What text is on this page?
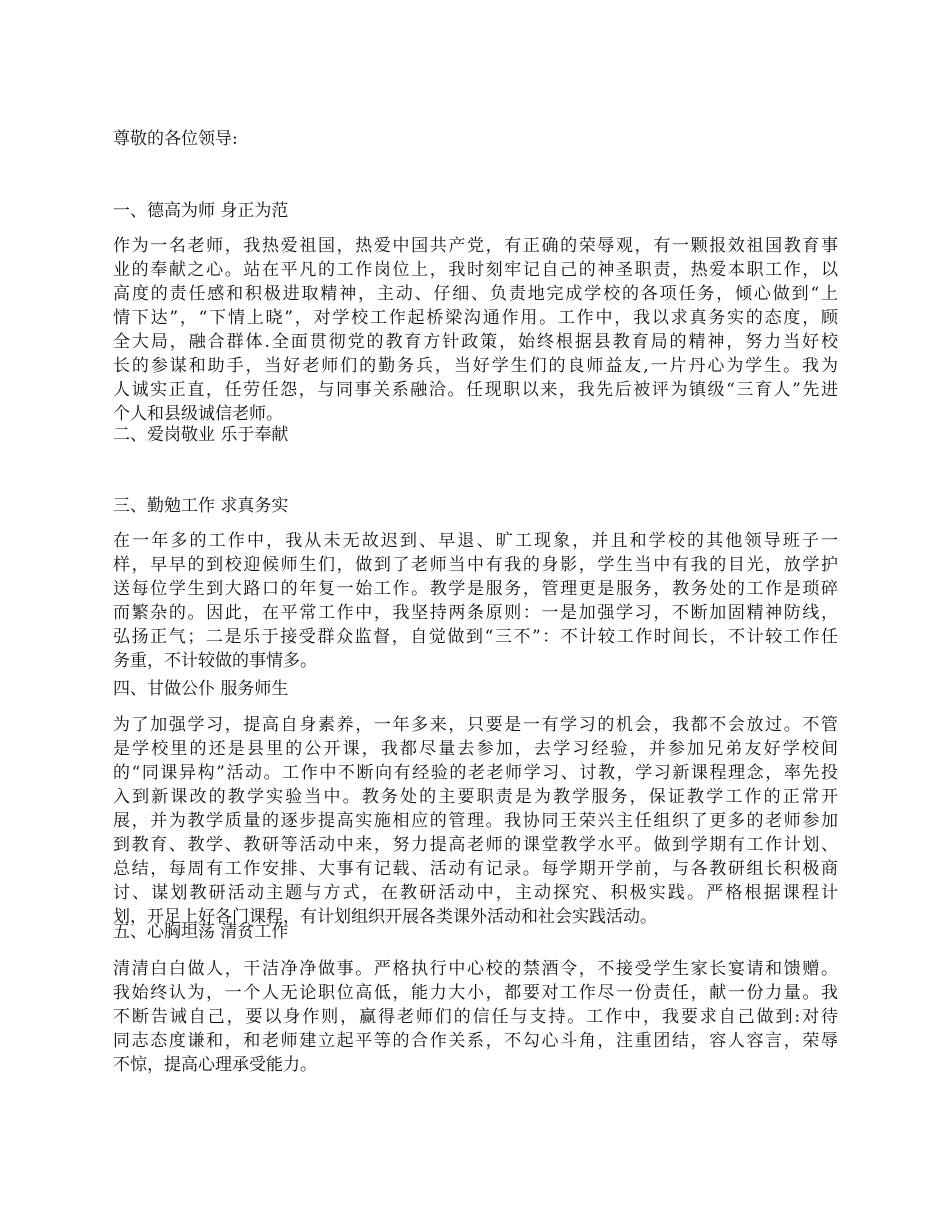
尊敬的各位领导:
一、德高为师 身正为范
作为一名老师，我热爱祖国，热爱中国共产党，有正确的荣辱观，有一颗报效祖国教育事
业的奉献之心。站在平凡的工作岗位上，我时刻牢记自己的神圣职责，热爱本职工作，以
高度的责任感和积极进取精神，主动、仔细、负责地完成学校的各项任务，倾心做到“上
情下达”，“下情上晓”，对学校工作起桥梁沟通作用。工作中，我以求真务实的态度，顾
全大局，融合群体.全面贯彻党的教育方针政策，始终根据县教育局的精神，努力当好校
长的参谋和助手，当好老师们的勤务兵，当好学生们的良师益友,一片丹心为学生。我为
人诚实正直，任劳任怨，与同事关系融洽。任现职以来，我先后被评为镇级“三育人”先进
个人和县级诚信老师。
二、爱岗敬业 乐于奉献
三、勤勉工作 求真务实
在一年多的工作中，我从未无故迟到、早退、旷工现象，并且和学校的其他领导班子一
样，早早的到校迎候师生们，做到了老师当中有我的身影，学生当中有我的目光，放学护
送每位学生到大路口的年复一始工作。教学是服务，管理更是服务，教务处的工作是琐碎
而繁杂的。因此，在平常工作中，我坚持两条原则：一是加强学习，不断加固精神防线，
弘扬正气；二是乐于接受群众监督，自觉做到“三不”：不计较工作时间长，不计较工作任
务重，不计较做的事情多。
四、甘做公仆 服务师生
为了加强学习，提高自身素养，一年多来，只要是一有学习的机会，我都不会放过。不管
是学校里的还是县里的公开课，我都尽量去参加，去学习经验，并参加兄弟友好学校间
的“同课异构”活动。工作中不断向有经验的老老师学习、讨教，学习新课程理念，率先投
入到新课改的教学实验当中。教务处的主要职责是为教学服务，保证教学工作的正常开
展，并为教学质量的逐步提高实施相应的管理。我协同王荣兴主任组织了更多的老师参加
到教育、教学、教研等活动中来，努力提高老师的课堂教学水平。做到学期有工作计划、
总结，每周有工作安排、大事有记载、活动有记录。每学期开学前，与各教研组长积极商
讨、谋划教研活动主题与方式，在教研活动中，主动探究、积极实践。严格根据课程计
划，开足上好各门课程，有计划组织开展各类课外活动和社会实践活动。
五、心胸坦荡 清贫工作
清清白白做人，干洁净净做事。严格执行中心校的禁酒令，不接受学生家长宴请和馈赠。
我始终认为，一个人无论职位高低，能力大小，都要对工作尽一份责任，献一份力量。我
不断告诫自己，要以身作则，赢得老师们的信任与支持。工作中，我要求自己做到:对待
同志态度谦和，和老师建立起平等的合作关系，不勾心斗角，注重团结，容人容言，荣辱
不惊，提高心理承受能力。
